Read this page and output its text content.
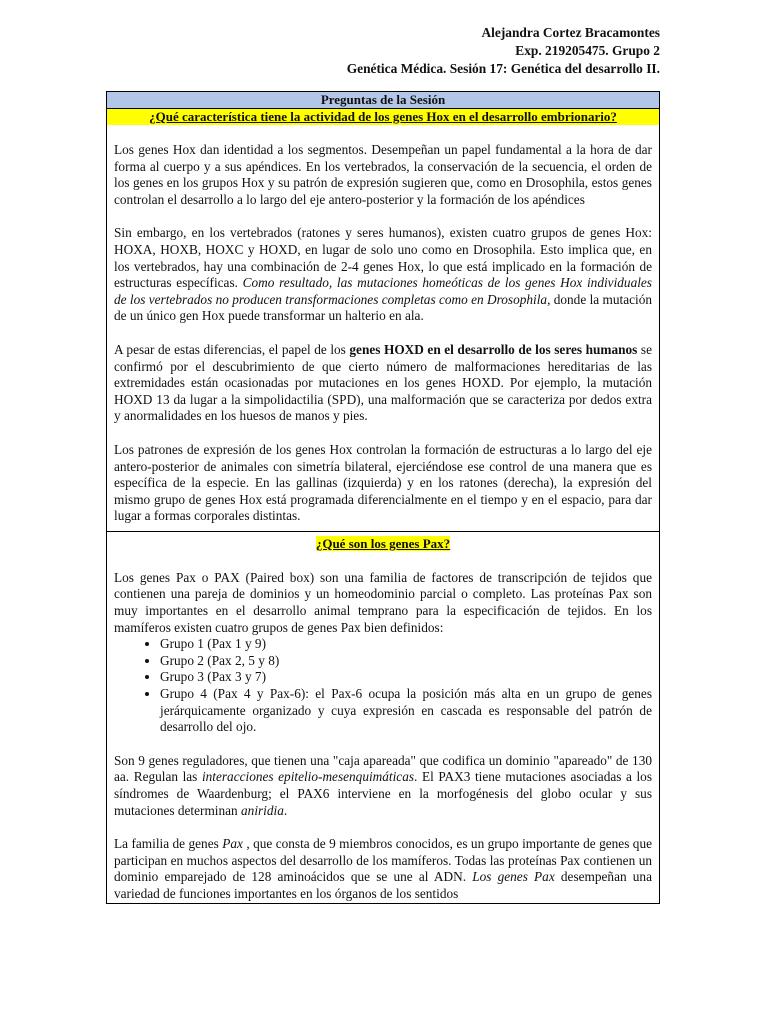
Alejandra Cortez Bracamontes
Exp. 219205475. Grupo 2
Genética Médica. Sesión 17: Genética del desarrollo II.
Preguntas de la Sesión
¿Qué característica tiene la actividad de los genes Hox en el desarrollo embrionario?

Los genes Hox dan identidad a los segmentos. Desempeñan un papel fundamental a la hora de dar forma al cuerpo y a sus apéndices. En los vertebrados, la conservación de la secuencia, el orden de los genes en los grupos Hox y su patrón de expresión sugieren que, como en Drosophila, estos genes controlan el desarrollo a lo largo del eje antero-posterior y la formación de los apéndices

Sin embargo, en los vertebrados (ratones y seres humanos), existen cuatro grupos de genes Hox: HOXA, HOXB, HOXC y HOXD, en lugar de solo uno como en Drosophila. Esto implica que, en los vertebrados, hay una combinación de 2-4 genes Hox, lo que está implicado en la formación de estructuras específicas. Como resultado, las mutaciones homeóticas de los genes Hox individuales de los vertebrados no producen transformaciones completas como en Drosophila, donde la mutación de un único gen Hox puede transformar un halterio en ala.

A pesar de estas diferencias, el papel de los genes HOXD en el desarrollo de los seres humanos se confirmó por el descubrimiento de que cierto número de malformaciones hereditarias de las extremidades están ocasionadas por mutaciones en los genes HOXD. Por ejemplo, la mutación HOXD 13 da lugar a la simpolidactilia (SPD), una malformación que se caracteriza por dedos extra y anormalidades en los huesos de manos y pies.

Los patrones de expresión de los genes Hox controlan la formación de estructuras a lo largo del eje antero-posterior de animales con simetría bilateral, ejerciéndose ese control de una manera que es específica de la especie. En las gallinas (izquierda) y en los ratones (derecha), la expresión del mismo grupo de genes Hox está programada diferencialmente en el tiempo y en el espacio, para dar lugar a formas corporales distintas.

¿Qué son los genes Pax?

Los genes Pax o PAX (Paired box) son una familia de factores de transcripción de tejidos que contienen una pareja de dominios y un homeodominio parcial o completo. Las proteínas Pax son muy importantes en el desarrollo animal temprano para la especificación de tejidos. En los mamíferos existen cuatro grupos de genes Pax bien definidos:

• Grupo 1 (Pax 1 y 9)
• Grupo 2 (Pax 2, 5 y 8)
• Grupo 3 (Pax 3 y 7)
• Grupo 4 (Pax 4 y Pax-6): el Pax-6 ocupa la posición más alta en un grupo de genes jerárquicamente organizado y cuya expresión en cascada es responsable del patrón de desarrollo del ojo.

Son 9 genes reguladores, que tienen una "caja apareada" que codifica un dominio "apareado" de 130 aa. Regulan las interacciones epitelio-mesenquimáticas. El PAX3 tiene mutaciones asociadas a los síndromes de Waardenburg; el PAX6 interviene en la morfogénesis del globo ocular y sus mutaciones determinan aniridia.

La familia de genes Pax , que consta de 9 miembros conocidos, es un grupo importante de genes que participan en muchos aspectos del desarrollo de los mamíferos. Todas las proteínas Pax contienen un dominio emparejado de 128 aminoácidos que se une al ADN. Los genes Pax desempeñan una variedad de funciones importantes en los órganos de los sentidos
